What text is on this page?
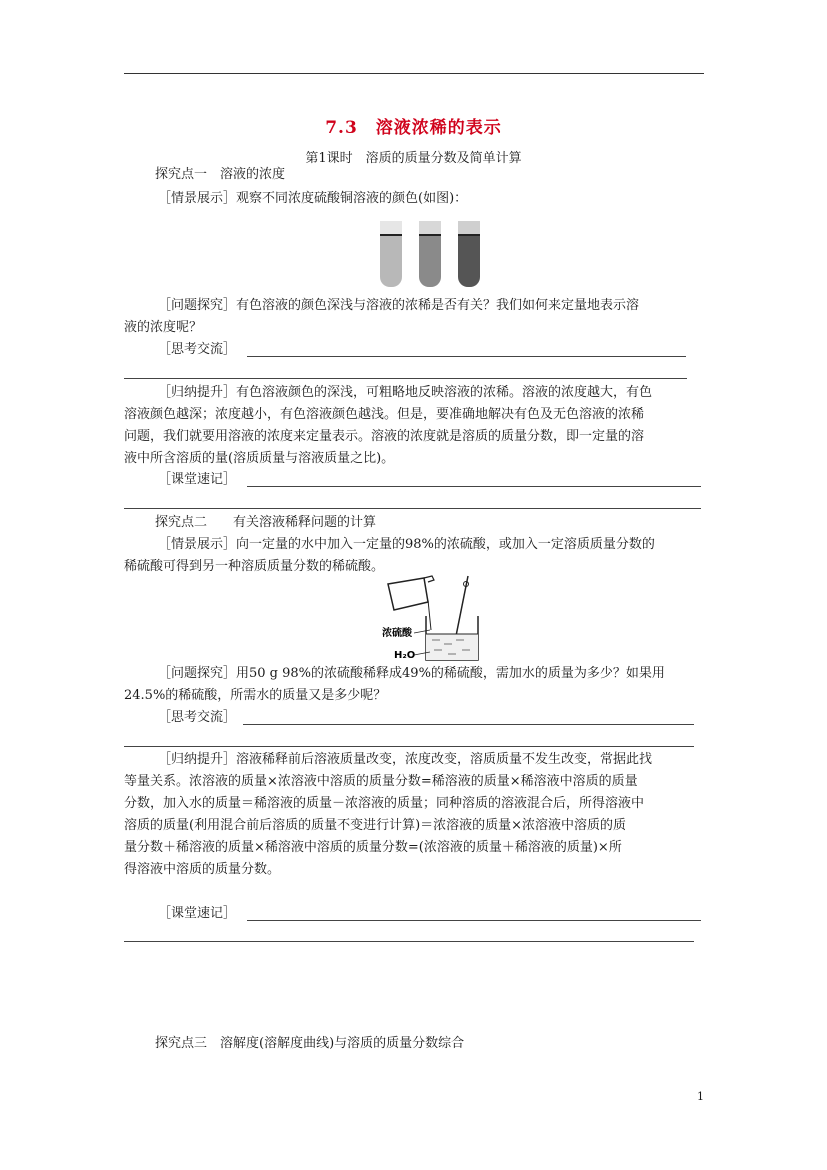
7.3　溶液浓稀的表示
第1课时　溶质的质量分数及简单计算
探究点一　溶液的浓度
［情景展示］观察不同浓度硫酸铜溶液的颜色(如图)：
［问题探究］有色溶液的颜色深浅与溶液的浓稀是否有关？我们如何来定量地表示溶
液的浓度呢？
［思考交流］
［归纳提升］有色溶液颜色的深浅，可粗略地反映溶液的浓稀。溶液的浓度越大，有色
溶液颜色越深；浓度越小，有色溶液颜色越浅。但是，要准确地解决有色及无色溶液的浓稀
问题，我们就要用溶液的浓度来定量表示。溶液的浓度就是溶质的质量分数，即一定量的溶
液中所含溶质的量(溶质质量与溶液质量之比)。
［课堂速记］
探究点二　　有关溶液稀释问题的计算
［情景展示］向一定量的水中加入一定量的98%的浓硫酸，或加入一定溶质质量分数的
稀硫酸可得到另一种溶质质量分数的稀硫酸。
浓硫酸
H₂O
［问题探究］用50 g 98%的浓硫酸稀释成49%的稀硫酸，需加水的质量为多少？如果用
24.5%的稀硫酸，所需水的质量又是多少呢？
［思考交流］
［归纳提升］溶液稀释前后溶液质量改变，浓度改变，溶质质量不发生改变，常据此找
等量关系。浓溶液的质量×浓溶液中溶质的质量分数=稀溶液的质量×稀溶液中溶质的质量
分数，加入水的质量＝稀溶液的质量－浓溶液的质量；同种溶质的溶液混合后，所得溶液中
溶质的质量(利用混合前后溶质的质量不变进行计算)＝浓溶液的质量×浓溶液中溶质的质
量分数＋稀溶液的质量×稀溶液中溶质的质量分数=(浓溶液的质量＋稀溶液的质量)×所
得溶液中溶质的质量分数。
［课堂速记］
探究点三　溶解度(溶解度曲线)与溶质的质量分数综合
1
